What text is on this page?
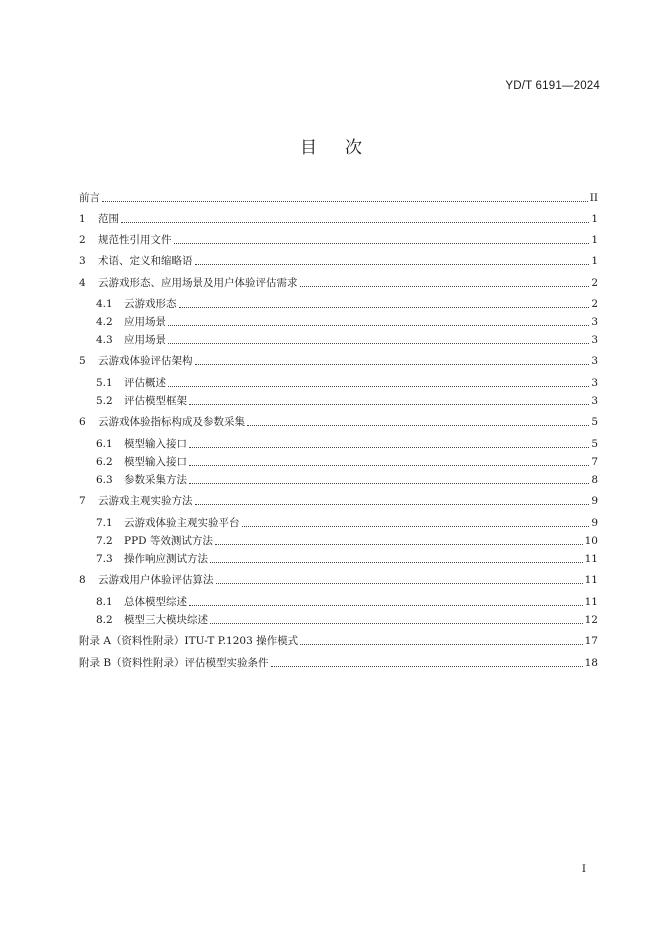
YD/T 6191—2024
目次
前言	II
1	范围	1
2	规范性引用文件	1
3	术语、定义和缩略语	1
4	云游戏形态、应用场景及用户体验评估需求	2
4.1	云游戏形态	2
4.2	应用场景	3
4.3	应用场景	3
5	云游戏体验评估架构	3
5.1	评估概述	3
5.2	评估模型框架	3
6	云游戏体验指标构成及参数采集	5
6.1	模型输入接口	5
6.2	模型输入接口	7
6.3	参数采集方法	8
7	云游戏主观实验方法	9
7.1	云游戏体验主观实验平台	9
7.2	PPD 等效测试方法	10
7.3	操作响应测试方法	11
8	云游戏用户体验评估算法	11
8.1	总体模型综述	11
8.2	模型三大模块综述	12
附录 A（资料性附录）ITU-T P.1203 操作模式	17
附录 B（资料性附录）评估模型实验条件	18
I
